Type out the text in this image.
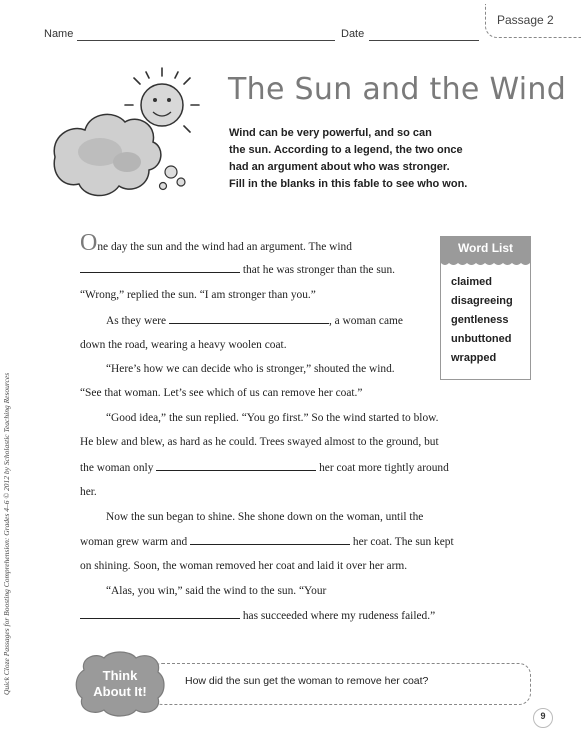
Passage 2
Name	Date
The Sun and the Wind
Wind can be very powerful, and so can
the sun. According to a legend, the two once
had an argument about who was stronger.
Fill in the blanks in this fable to see who won.
One day the sun and the wind had an argument. The wind
that he was stronger than the sun.
“Wrong,” replied the sun. “I am stronger than you.”
As they were	, a woman came
down the road, wearing a heavy woolen coat.
“Here’s how we can decide who is stronger,” shouted the wind.
“See that woman. Let’s see which of us can remove her coat.”
“Good idea,” the sun replied. “You go first.” So the wind started to blow.
He blew and blew, as hard as he could. Trees swayed almost to the ground, but
the woman only	her coat more tightly around
her.
Now the sun began to shine. She shone down on the woman, until the
woman grew warm and	her coat. The sun kept
on shining. Soon, the woman removed her coat and laid it over her arm.
“Alas, you win,” said the wind to the sun. “Your
has succeeded where my rudeness failed.”
Word List
claimed
disagreeing
gentleness
unbuttoned
wrapped
Think
About It!
How did the sun get the woman to remove her coat?
Quick Cloze Passages for Boosting Comprehension: Grades 4–6 © 2012 by Scholastic Teaching Resources
9
